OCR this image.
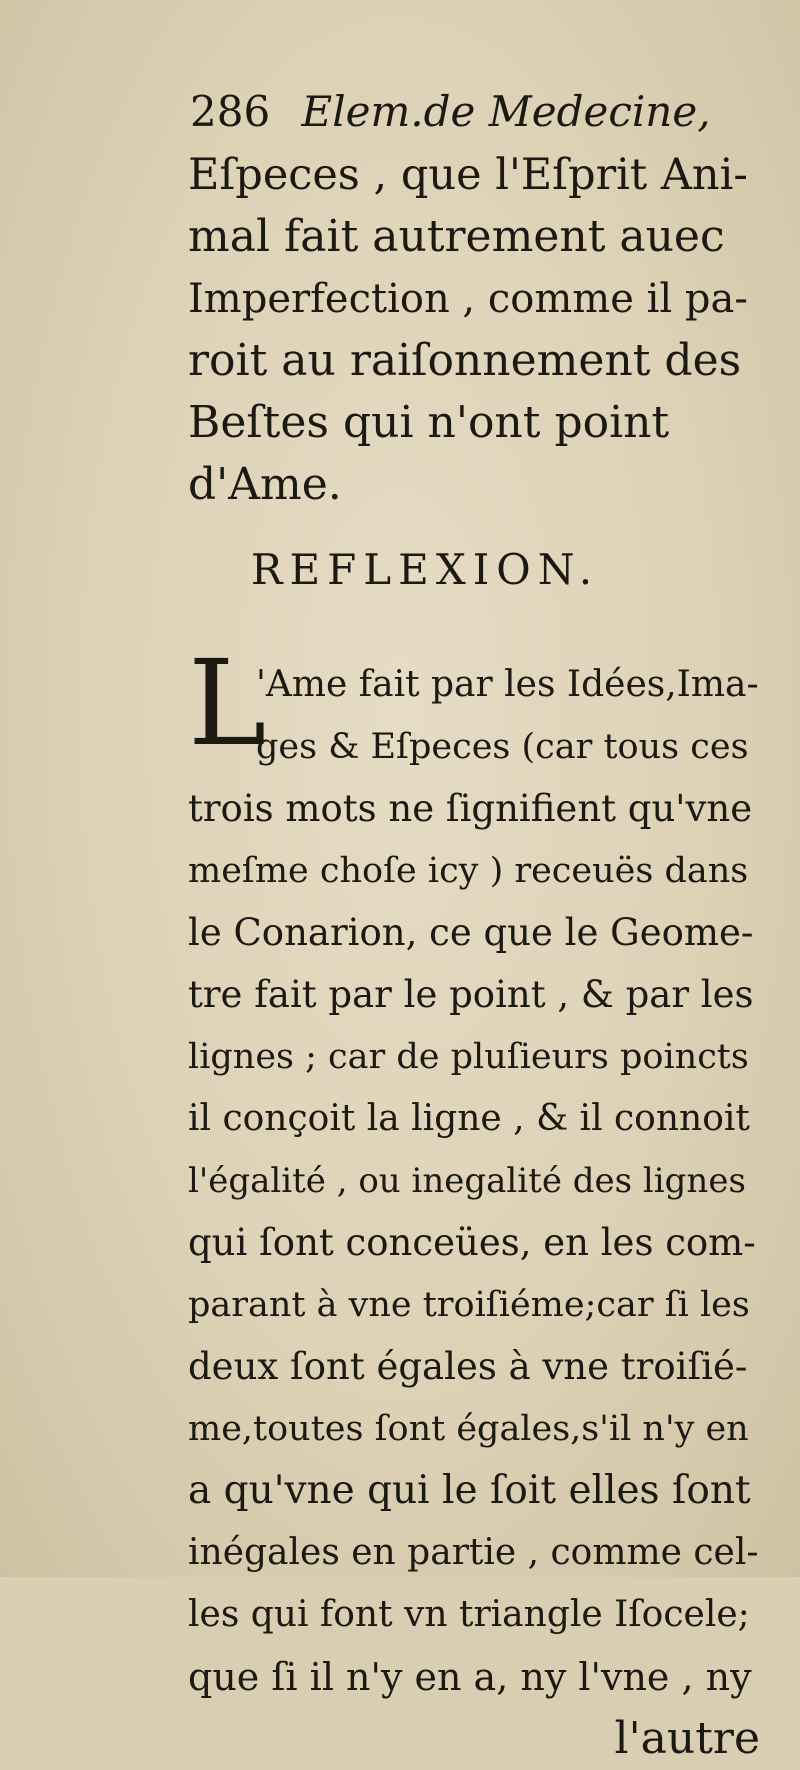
286 Elem.de Medecine,
Eſpeces , que l'Eſprit Ani-
mal fait autrement auec
Imperfection , comme il pa-
roit au raiſonnement des
Beſtes qui n'ont point
d'Ame.
REFLEXION.
L
'Ame fait par les Idées,Ima-
ges & Eſpeces (car tous ces
trois mots ne ſignifient qu'vne
meſme choſe icy ) receuës dans
le Conarion, ce que le Geome-
tre fait par le point , & par les
lignes ; car de pluſieurs poincts
il conçoit la ligne , & il connoit
l'égalité , ou inegalité des lignes
qui ſont conceües, en les com-
parant à vne troiſiéme;car ſi les
deux ſont égales à vne troiſié-
me,toutes ſont égales,s'il n'y en
a qu'vne qui le ſoit elles ſont
inégales en partie , comme cel-
les qui font vn triangle Iſocele;
que ſi il n'y en a, ny l'vne , ny
l'autre
